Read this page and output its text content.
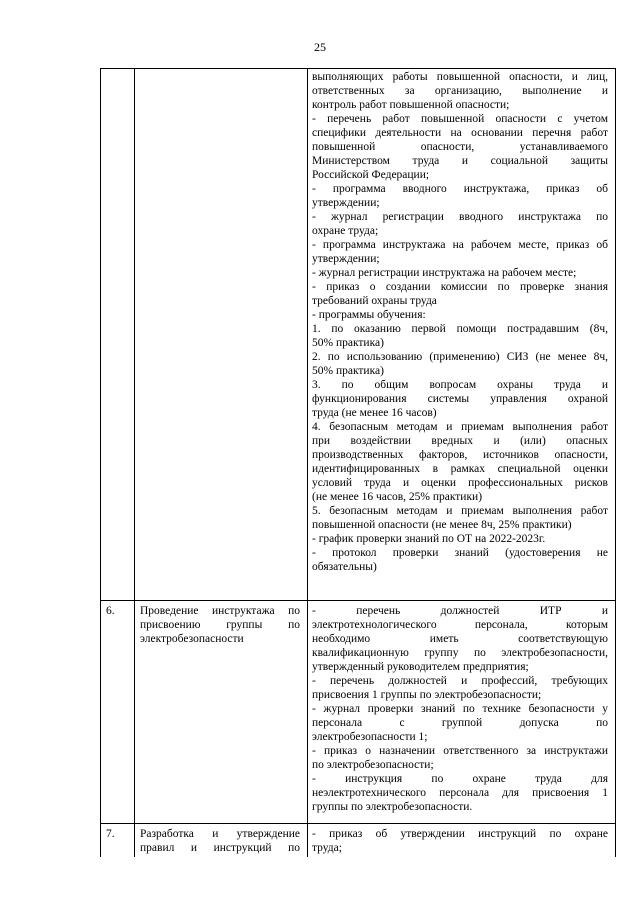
25
выполняющих работы повышенной опасности, и лиц,
ответственных за организацию, выполнение и
контроль работ повышенной опасности;
- перечень работ повышенной опасности с учетом
специфики деятельности на основании перечня работ
повышенной опасности, устанавливаемого
Министерством труда и социальной защиты
Российской Федерации;
- программа вводного инструктажа, приказ об
утверждении;
- журнал регистрации вводного инструктажа по
охране труда;
- программа инструктажа на рабочем месте, приказ об
утверждении;
- журнал регистрации инструктажа на рабочем месте;
- приказ о создании комиссии по проверке знания
требований охраны труда
- программы обучения:
1. по оказанию первой помощи пострадавшим (8ч,
50% практика)
2. по использованию (применению) СИЗ (не менее 8ч,
50% практика)
3. по общим вопросам охраны труда и
функционирования системы управления охраной
труда (не менее 16 часов)
4. безопасным методам и приемам выполнения работ
при воздействии вредных и (или) опасных
производственных факторов, источников опасности,
идентифицированных в рамках специальной оценки
условий труда и оценки профессиональных рисков
(не менее 16 часов, 25% практики)
5. безопасным методам и приемам выполнения работ
повышенной опасности (не менее 8ч, 25% практики)
- график проверки знаний по ОТ на 2022-2023г.
- протокол проверки знаний (удостоверения не
обязательны)
6.	Проведение инструктажа по
присвоению группы по
электробезопасности
- перечень должностей ИТР и
электротехнологического персонала, которым
необходимо иметь соответствующую
квалификационную группу по электробезопасности,
утвержденный руководителем предприятия;
- перечень должностей и профессий, требующих
присвоения 1 группы по электробезопасности;
- журнал проверки знаний по технике безопасности у
персонала с группой допуска по
электробезопасности 1;
- приказ о назначении ответственного за инструктажи
по электробезопасности;
- инструкция по охране труда для
неэлектротехнического персонала для присвоения 1
группы по электробезопасности.
7.	Разработка и утверждение
правил и инструкций по
- приказ об утверждении инструкций по охране
труда;
